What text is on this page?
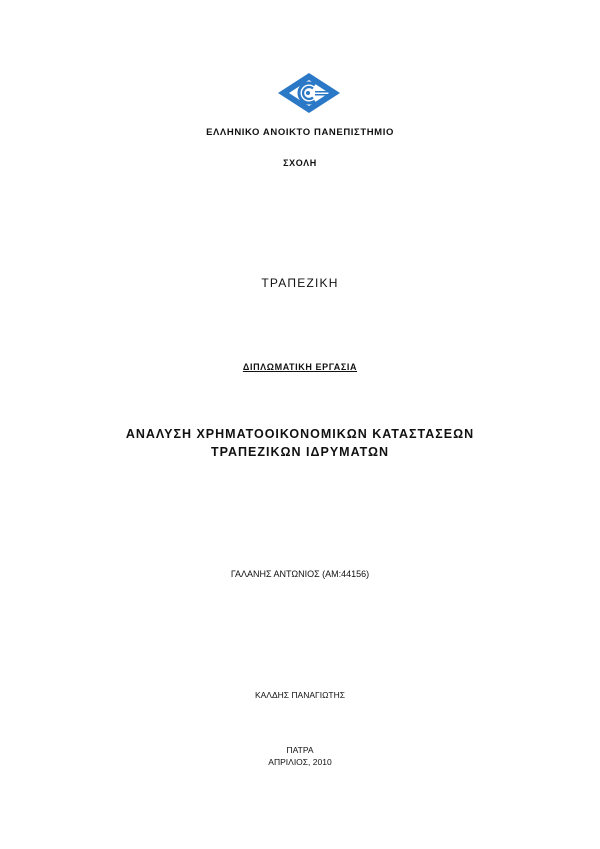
ΕΛΛΗΝΙΚΟ ΑΝΟΙΚΤΟ ΠΑΝΕΠΙΣΤΗΜΙΟ
ΣΧΟΛΗ
ΤΡΑΠΕΖΙΚΗ
ΔΙΠΛΩΜΑΤΙΚΗ ΕΡΓΑΣΙΑ
ΑΝΑΛΥΣΗ ΧΡΗΜΑΤΟΟΙΚΟΝΟΜΙΚΩΝ ΚΑΤΑΣΤΑΣΕΩΝ
ΤΡΑΠΕΖΙΚΩΝ ΙΔΡΥΜΑΤΩΝ
ΓΑΛΑΝΗΣ ΑΝΤΩΝΙΟΣ (ΑΜ:44156)
ΚΑΛΔΗΣ ΠΑΝΑΓΙΩΤΗΣ
ΠΑΤΡΑ
ΑΠΡΙΛΙΟΣ, 2010
